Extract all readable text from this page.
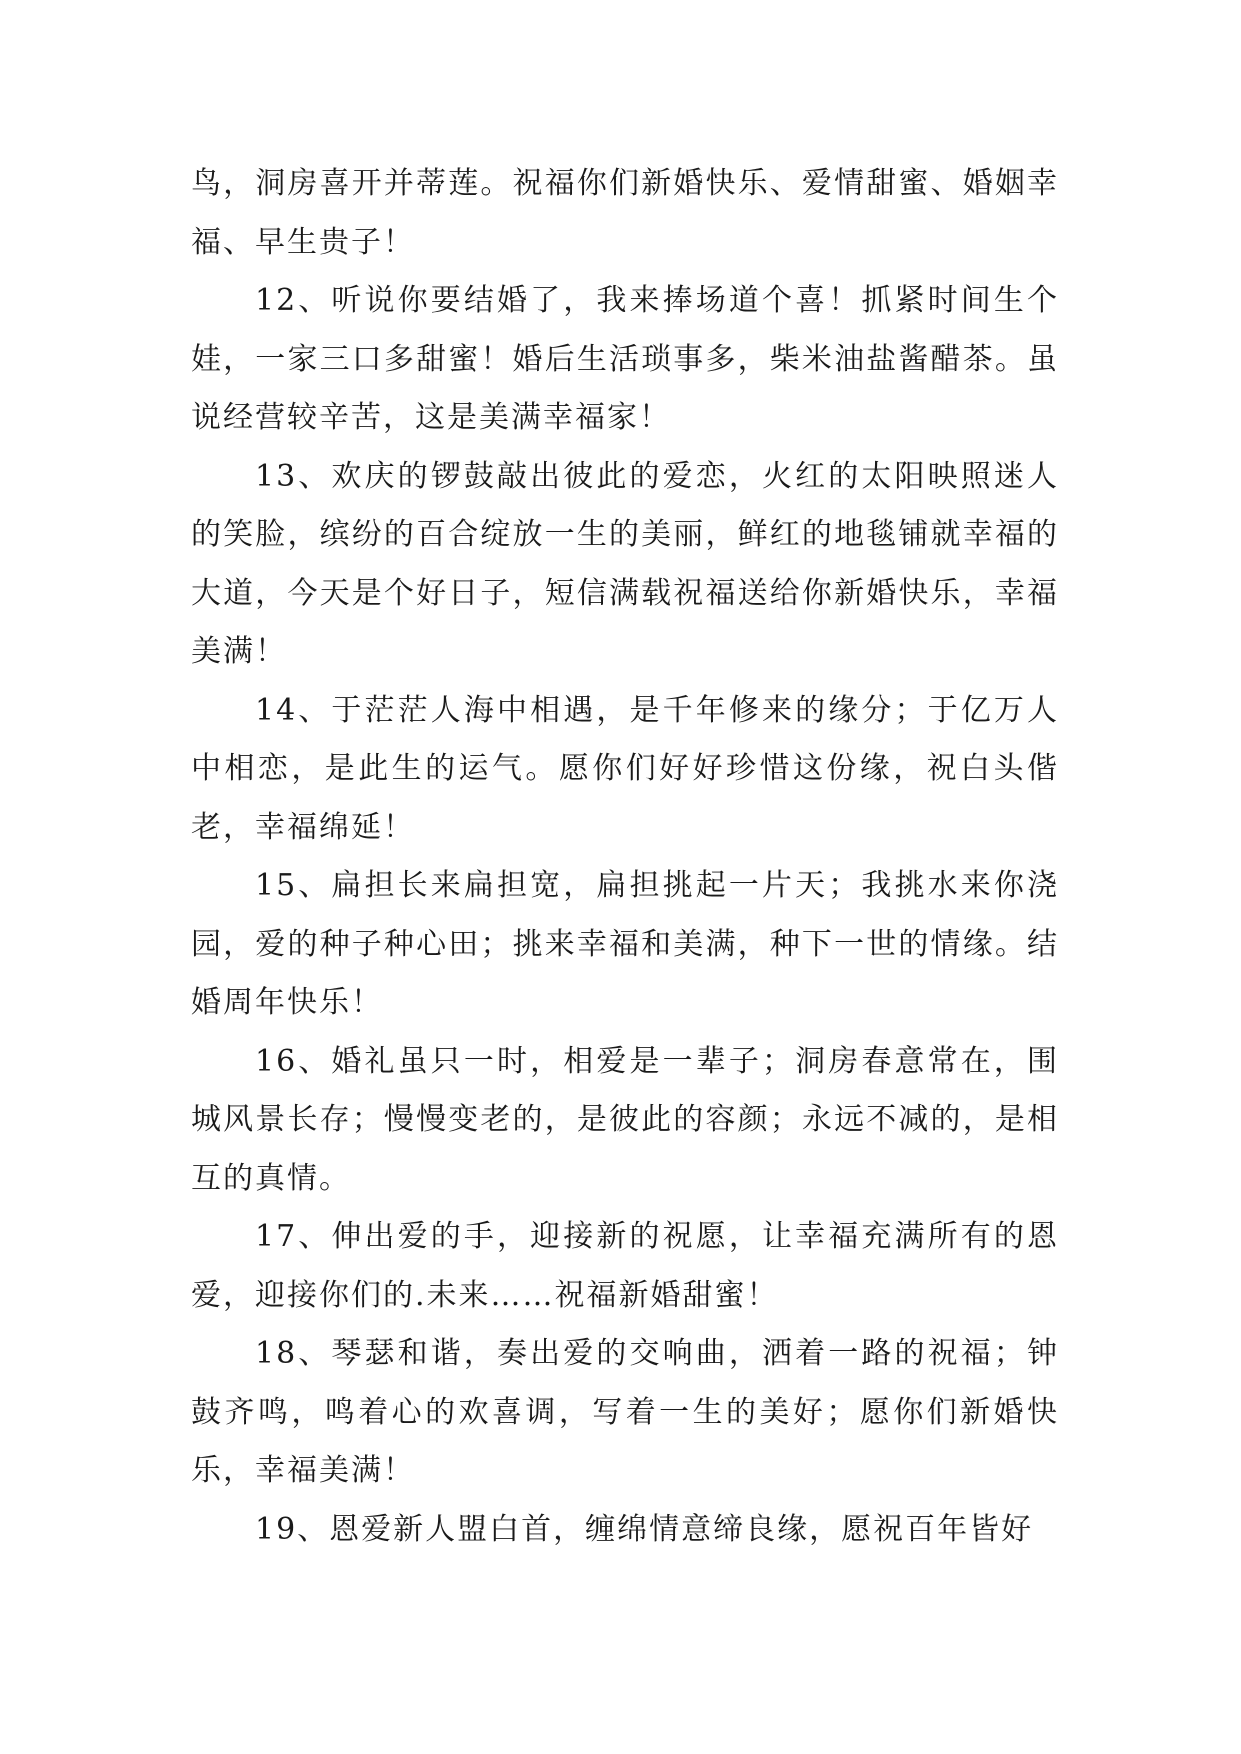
鸟，洞房喜开并蒂莲。祝福你们新婚快乐、爱情甜蜜、婚姻幸福、早生贵子！

12、听说你要结婚了，我来捧场道个喜！抓紧时间生个娃，一家三口多甜蜜！婚后生活琐事多，柴米油盐酱醋茶。虽说经营较辛苦，这是美满幸福家！

13、欢庆的锣鼓敲出彼此的爱恋，火红的太阳映照迷人的笑脸，缤纷的百合绽放一生的美丽，鲜红的地毯铺就幸福的大道，今天是个好日子，短信满载祝福送给你新婚快乐，幸福美满！

14、于茫茫人海中相遇，是千年修来的缘分；于亿万人中相恋，是此生的运气。愿你们好好珍惜这份缘，祝白头偕老，幸福绵延！

15、扁担长来扁担宽，扁担挑起一片天；我挑水来你浇园，爱的种子种心田；挑来幸福和美满，种下一世的情缘。结婚周年快乐！

16、婚礼虽只一时，相爱是一辈子；洞房春意常在，围城风景长存；慢慢变老的，是彼此的容颜；永远不减的，是相互的真情。

17、伸出爱的手，迎接新的祝愿，让幸福充满所有的恩爱，迎接你们的.未来……祝福新婚甜蜜！

18、琴瑟和谐，奏出爱的交响曲，洒着一路的祝福；钟鼓齐鸣，鸣着心的欢喜调，写着一生的美好；愿你们新婚快乐，幸福美满！

19、恩爱新人盟白首，缠绵情意缔良缘，愿祝百年皆好
